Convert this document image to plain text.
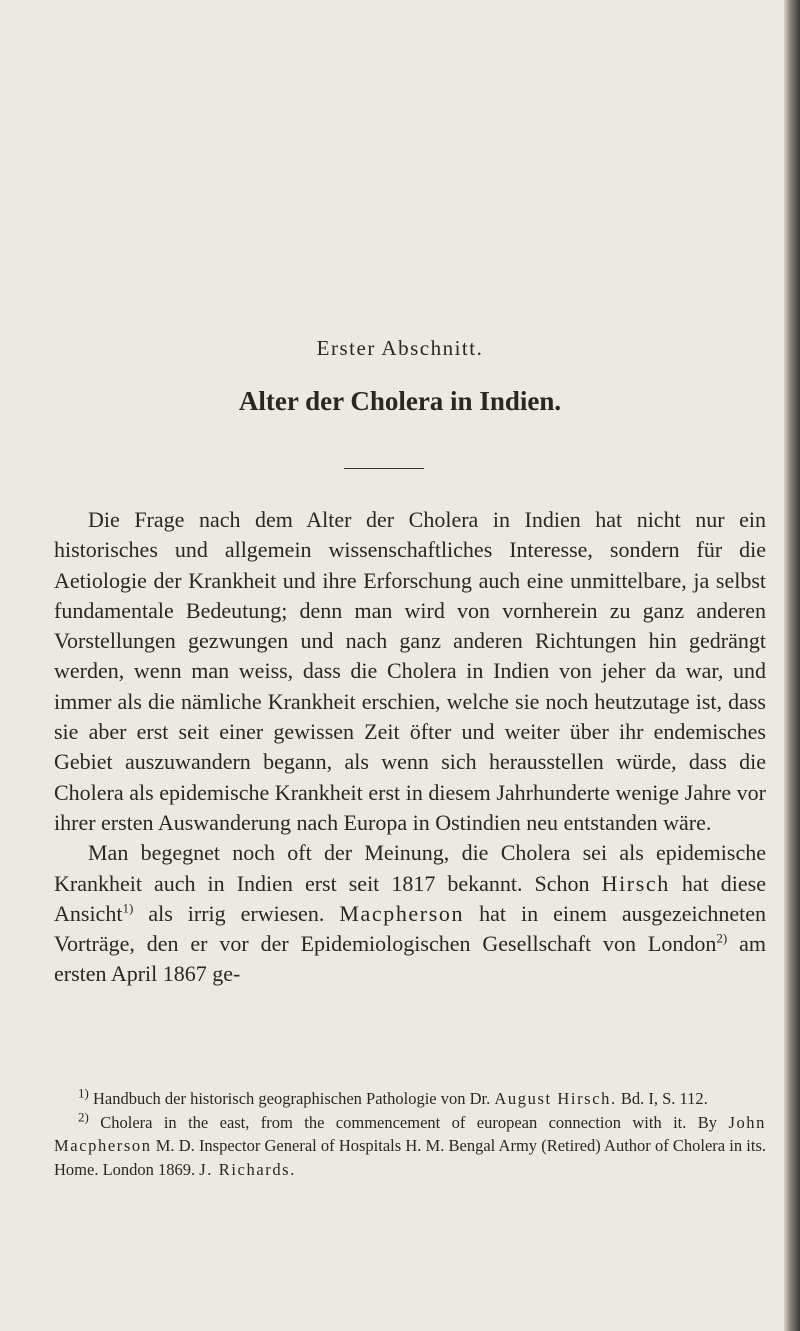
Erster Abschnitt.
Alter der Cholera in Indien.

Die Frage nach dem Alter der Cholera in Indien hat nicht nur ein historisches und allgemein wissenschaftliches Interesse, sondern für die Aetiologie der Krankheit und ihre Erforschung auch eine unmittelbare, ja selbst fundamentale Bedeutung; denn man wird von vornherein zu ganz anderen Vorstellungen gezwungen und nach ganz anderen Richtungen hin gedrängt werden, wenn man weiss, dass die Cholera in Indien von jeher da war, und immer als die nämliche Krankheit erschien, welche sie noch heutzutage ist, dass sie aber erst seit einer gewissen Zeit öfter und weiter über ihr endemisches Gebiet auszuwandern begann, als wenn sich herausstellen würde, dass die Cholera als epidemische Krankheit erst in diesem Jahrhunderte wenige Jahre vor ihrer ersten Auswanderung nach Europa in Ostindien neu entstanden wäre.

Man begegnet noch oft der Meinung, die Cholera sei als epidemische Krankheit auch in Indien erst seit 1817 bekannt. Schon Hirsch hat diese Ansicht$^{1)}$ als irrig erwiesen. Macpherson hat in einem ausgezeichneten Vorträge, den er vor der Epidemiologischen Gesellschaft von London$^{2)}$ am ersten April 1867 ge-

$^{1)}$ Handbuch der historisch geographischen Pathologie von Dr. August Hirsch. Bd. I, S. 112.

$^{2)}$ Cholera in the east, from the commencement of european connection with it. By John Macpherson M. D. Inspector General of Hospitals H. M. Bengal Army (Retired) Author of Cholera in its. Home. London 1869. J. Richards.
